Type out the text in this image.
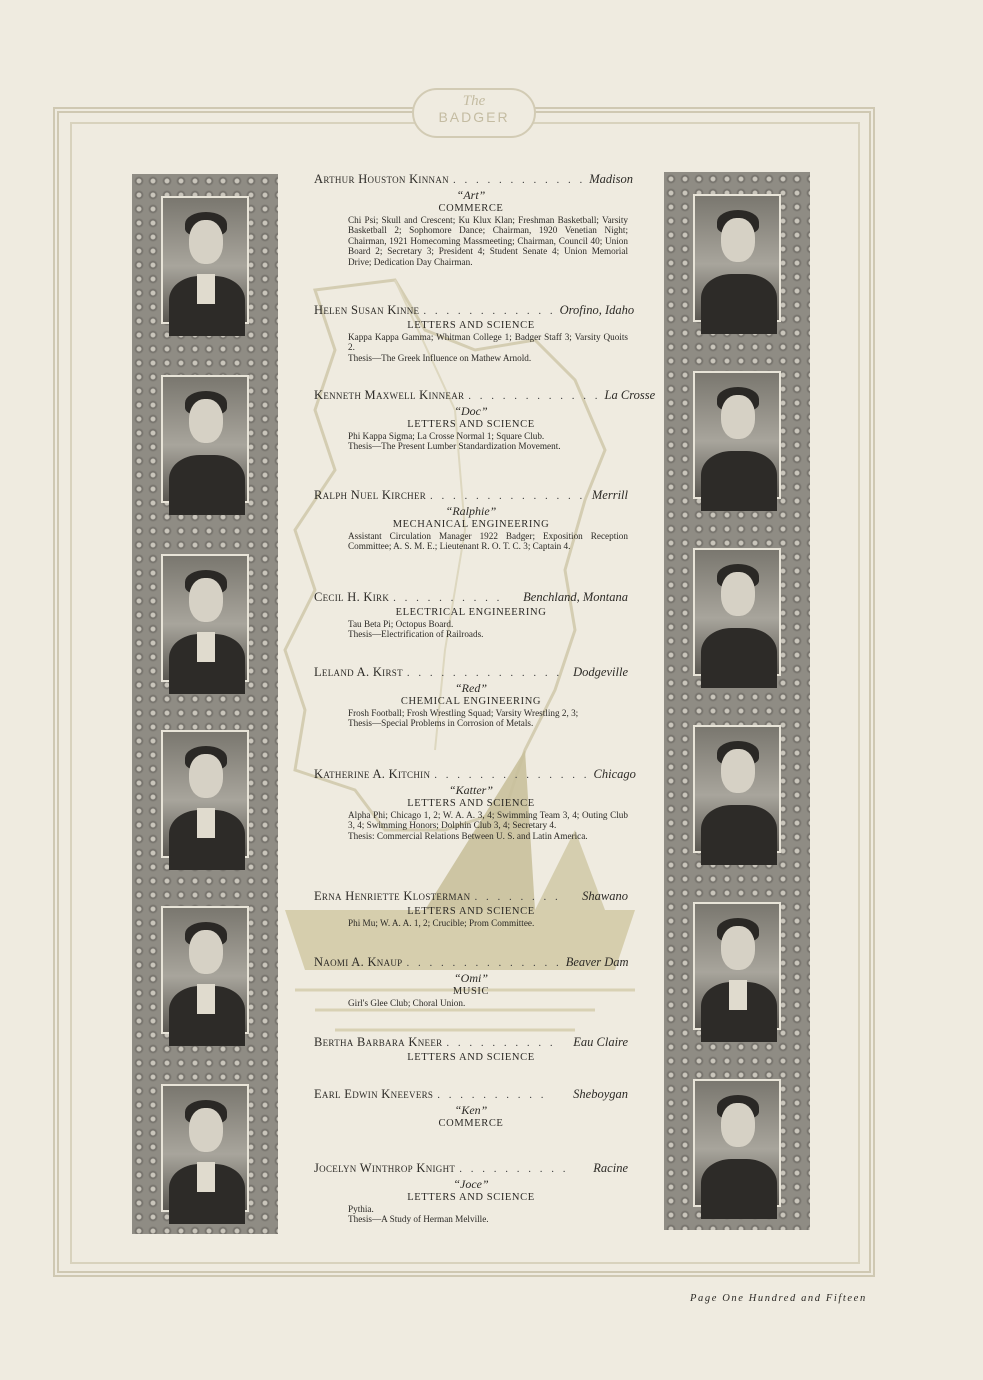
The
BADGER
Arthur Houston Kinnan . . . . . . . . . . . . Madison
“Art”
COMMERCE
Chi Psi; Skull and Crescent; Ku Klux Klan; Freshman Basketball; Varsity Basketball 2; Sophomore Dance; Chairman, 1920 Venetian Night; Chairman, 1921 Homecoming Massmeeting; Chairman, Council 40; Union Board 2; Secretary 3; President 4; Student Senate 4; Union Memorial Drive; Dedication Day Chairman.
Helen Susan Kinne . . . . . . . . . . . . Orofino, Idaho
LETTERS AND SCIENCE
Kappa Kappa Gamma; Whitman College 1; Badger Staff 3; Varsity Quoits 2.
Thesis—The Greek Influence on Mathew Arnold.
Kenneth Maxwell Kinnear . . . . . . . . . . . . La Crosse
“Doc”
LETTERS AND SCIENCE
Phi Kappa Sigma; La Crosse Normal 1; Square Club.
Thesis—The Present Lumber Standardization Movement.
Ralph Nuel Kircher . . . . . . . . . . . . . . Merrill
“Ralphie”
MECHANICAL ENGINEERING
Assistant Circulation Manager 1922 Badger; Exposition Reception Committee; A. S. M. E.; Lieutenant R. O. T. C. 3; Captain 4.
Cecil H. Kirk . . . . . . . . . .	Benchland, Montana
ELECTRICAL ENGINEERING
Tau Beta Pi; Octopus Board.
Thesis—Electrification of Railroads.
Leland A. Kirst . . . . . . . . . . . . . . Dodgeville
“Red”
CHEMICAL ENGINEERING
Frosh Football; Frosh Wrestling Squad; Varsity Wrestling 2, 3;
Thesis—Special Problems in Corrosion of Metals.
Katherine A. Kitchin . . . . . . . . . . . . . . Chicago
“Katter”
LETTERS AND SCIENCE
Alpha Phi; Chicago 1, 2; W. A. A. 3, 4; Swimming Team 3, 4; Outing Club 3, 4; Swimming Honors; Dolphin Club 3, 4; Secretary 4.
Thesis: Commercial Relations Between U. S. and Latin America.
Erna Henriette Klosterman . . . . . . . .	Shawano
LETTERS AND SCIENCE
Phi Mu; W. A. A. 1, 2; Crucible; Prom Committee.
Naomi A. Knaup . . . . . . . . . . . . . . Beaver Dam
“Omi”
MUSIC
Girl's Glee Club; Choral Union.
Bertha Barbara Kneer . . . . . . . . . .	Eau Claire
LETTERS AND SCIENCE
Earl Edwin Kneevers . . . . . . . . . .	Sheboygan
“Ken”
COMMERCE
Jocelyn Winthrop Knight . . . . . . . . . .	Racine
“Joce”
LETTERS AND SCIENCE
Pythia.
Thesis—A Study of Herman Melville.
Page One Hundred and Fifteen
